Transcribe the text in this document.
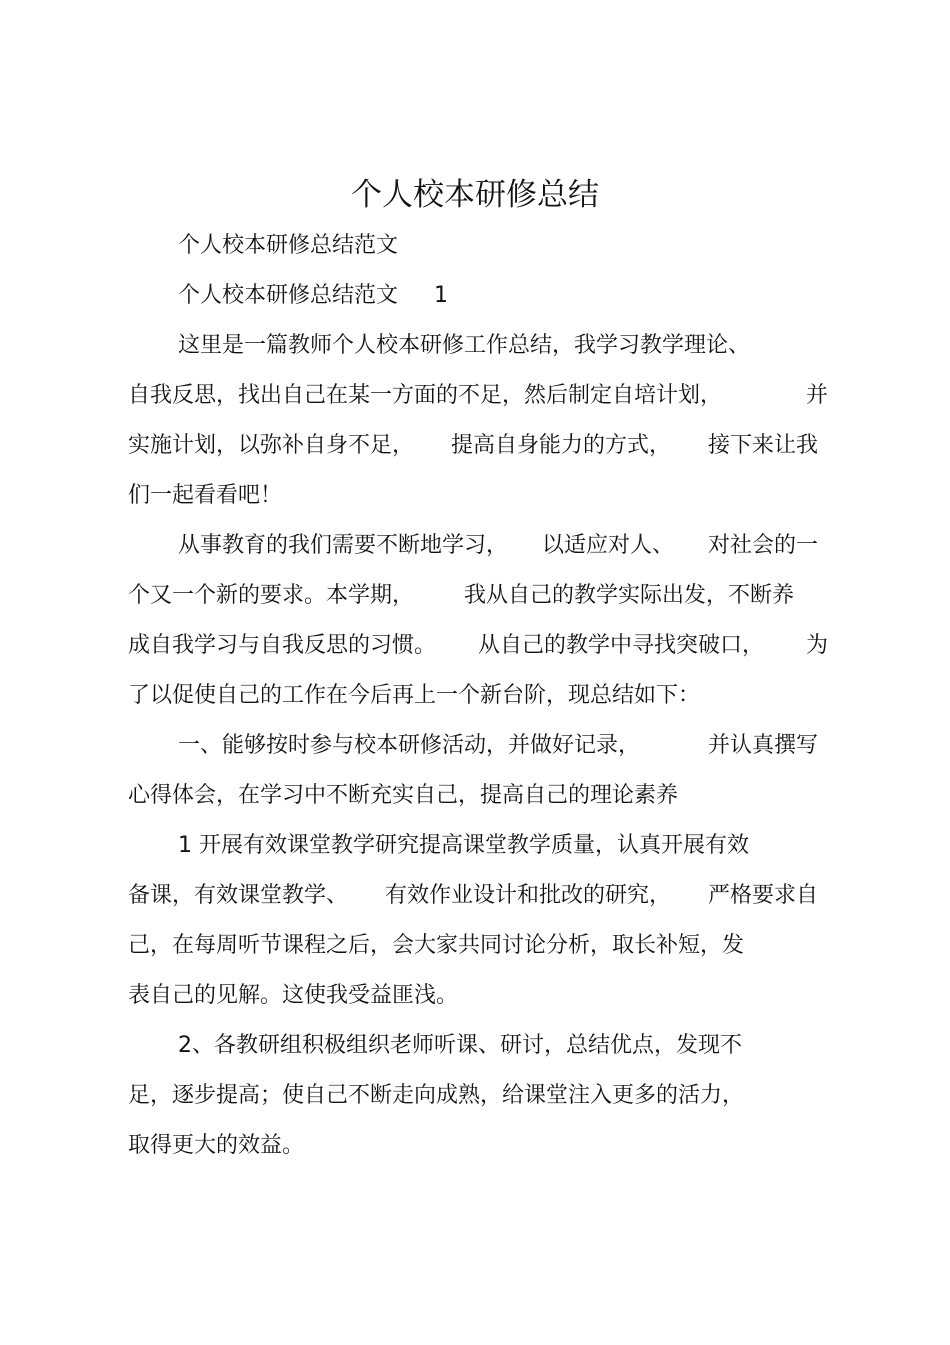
个人校本研修总结
个人校本研修总结范文
个人校本研修总结范文 1
这里是一篇教师个人校本研修工作总结，我学习教学理论、
自我反思，找出自己在某一方面的不足，然后制定自培计划，	并
实施计划，以弥补自身不足， 提高自身能力的方式， 接下来让我
们一起看看吧！
从事教育的我们需要不断地学习， 以适应对人、 对社会的一
个又一个新的要求。本学期， 我从自己的教学实际出发，不断养
成自我学习与自我反思的习惯。 从自己的教学中寻找突破口， 为
了以促使自己的工作在今后再上一个新台阶，现总结如下：
一、能够按时参与校本研修活动，并做好记录，	并认真撰写
心得体会，在学习中不断充实自己，提高自己的理论素养
1 开展有效课堂教学研究提高课堂教学质量，认真开展有效
备课，有效课堂教学、 有效作业设计和批改的研究， 严格要求自
己，在每周听节课程之后，会大家共同讨论分析，取长补短，发
表自己的见解。这使我受益匪浅。
2、各教研组积极组织老师听课、研讨，总结优点，发现不
足，逐步提高；使自己不断走向成熟，给课堂注入更多的活力，
取得更大的效益。
